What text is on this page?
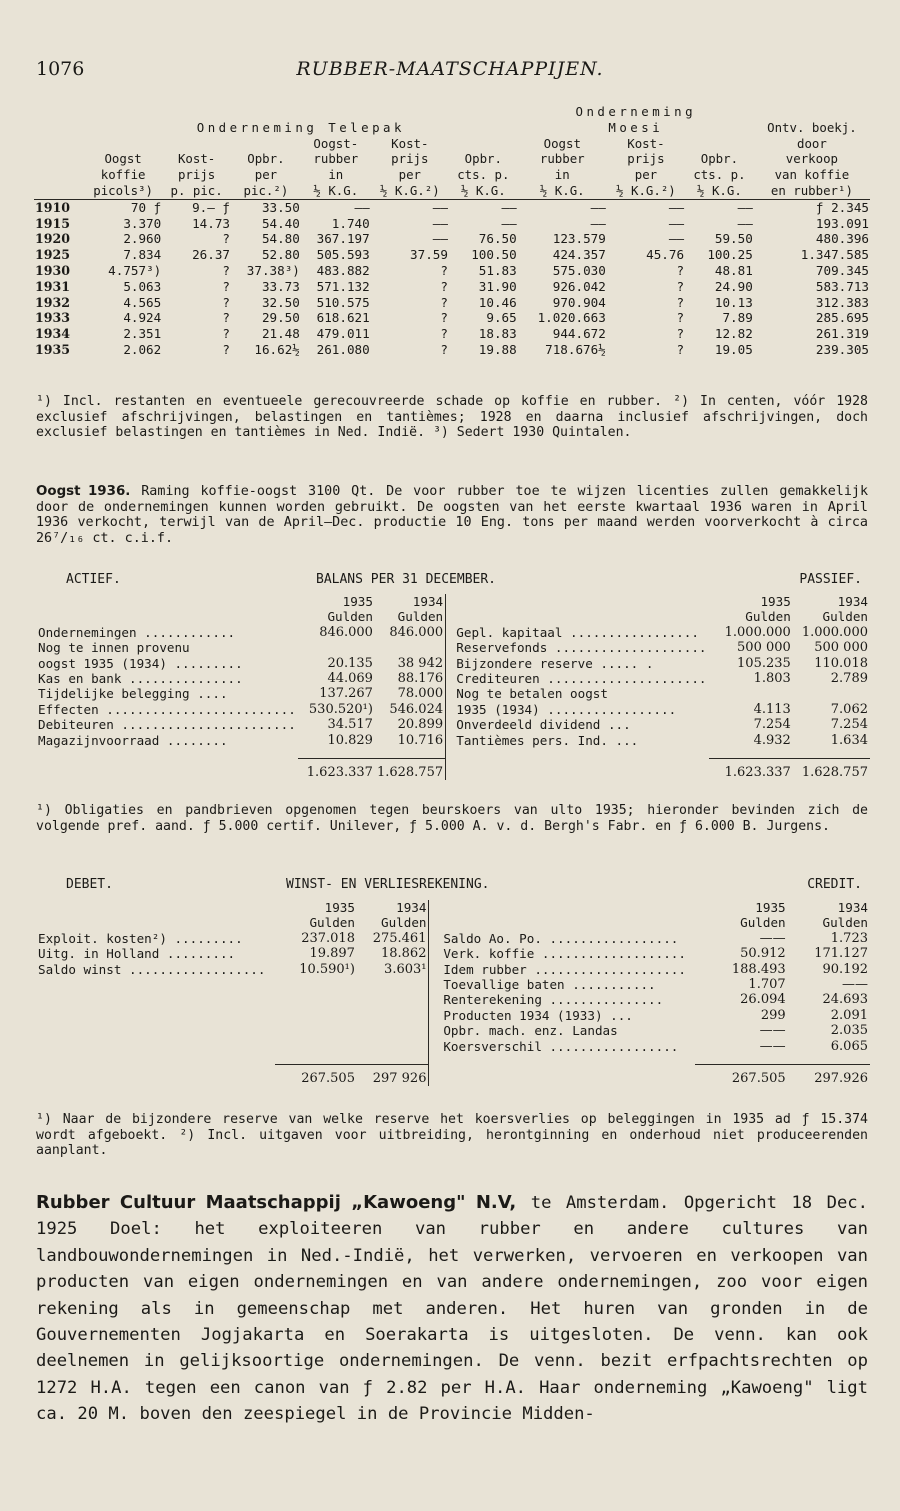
1076	RUBBER-MAATSCHAPPIJEN.
							Onderneming			
	Onderneming Telepak						Moesi			Ontv. boekj.
				Oogst-	Kost-		Oogst	Kost-		door
	Oogst	Kost-	Opbr.	rubber	prijs	Opbr.	rubber	prijs	Opbr.	verkoop
	koffie	prijs	per	in	per	cts. p.	in	per	cts. p.	van koffie
	picols³)	p. pic.	pic.²)	½ K.G.	½ K.G.²)	½ K.G.	½ K.G.	½ K.G.²)	½ K.G.	en rubber¹)
1910	70 ƒ	9.— ƒ	33.50	——	——	——	——	——	——	ƒ 2.345
1915	3.370	14.73	54.40	1.740	——	——	——	——	——	193.091
1920	2.960	?	54.80	367.197	——	76.50	123.579	——	59.50	480.396
1925	7.834	26.37	52.80	505.593	37.59	100.50	424.357	45.76	100.25	1.347.585
1930	4.757³)	?	37.38³)	483.882	?	51.83	575.030	?	48.81	709.345
1931	5.063	?	33.73	571.132	?	31.90	926.042	?	24.90	583.713
1932	4.565	?	32.50	510.575	?	10.46	970.904	?	10.13	312.383
1933	4.924	?	29.50	618.621	?	9.65	1.020.663	?	7.89	285.695
1934	2.351	?	21.48	479.011	?	18.83	944.672	?	12.82	261.319
1935	2.062	?	16.62½	261.080	?	19.88	718.676½	?	19.05	239.305

¹) Incl. restanten en eventueele gerecouvreerde schade op koffie en rubber. ²) In centen, vóór 1928 exclusief afschrijvingen, belastingen en tantièmes; 1928 en daarna inclusief afschrijvingen, doch exclusief belastingen en tantièmes in Ned. Indië. ³) Sedert 1930 Quintalen.

Oogst 1936. Raming koffie-oogst 3100 Qt. De voor rubber toe te wijzen licenties zullen gemakkelijk door de ondernemingen kunnen worden gebruikt. De oogsten van het eerste kwartaal 1936 waren in April 1936 verkocht, terwijl van de April—Dec. productie 10 Eng. tons per maand werden voorverkocht à circa 26⁷/₁₆ ct. c.i.f.

ACTIEF.	BALANS PER 31 DECEMBER.	PASSIEF.
	1935	1934			1935	1934
	Gulden	Gulden			Gulden	Gulden
Ondernemingen ............	846.000	846.000		Gepl. kapitaal .................	1.000.000	1.000.000
Nog te innen provenu				Reservefonds ....................	500 000	500 000
oogst 1935 (1934) .........	20.135	38 942		Bijzondere reserve ..... .	105.235	110.018
Kas en bank ...............	44.069	88.176		Crediteuren .....................	1.803	2.789
Tijdelijke belegging ....	137.267	78.000		Nog te betalen oogst		
Effecten .........................	530.520¹)	546.024		1935 (1934) .................	4.113	7.062
Debiteuren .......................	34.517	20.899		Onverdeeld dividend ...	7.254	7.254
Magazijnvoorraad ........	10.829	10.716		Tantièmes pers. Ind. ...	4.932	1.634

	1.623.337	1.628.757			1.623.337	1.628.757

¹) Obligaties en pandbrieven opgenomen tegen beurskoers van ulto 1935; hieronder bevinden zich de volgende pref. aand. ƒ 5.000 certif. Unilever, ƒ 5.000 A. v. d. Bergh's Fabr. en ƒ 6.000 B. Jurgens.

DEBET.	WINST- EN VERLIESREKENING.	CREDIT.
	1935	1934			1935	1934
	Gulden	Gulden			Gulden	Gulden
Exploit. kosten²) .........	237.018	275.461		Saldo Ao. Po. .................	——	1.723
Uitg. in Holland .........	19.897	18.862		Verk. koffie ...................	50.912	171.127
Saldo winst ..................	10.590¹)	3.603¹		Idem rubber ....................	188.493	90.192
				Toevallige baten ...........	1.707	——
				Renterekening ...............	26.094	24.693
				Producten 1934 (1933) ...	299	2.091
				Opbr. mach. enz. Landas	——	2.035
				Koersverschil .................	——	6.065

	267.505	297 926			267.505	297.926

¹) Naar de bijzondere reserve van welke reserve het koersverlies op beleggingen in 1935 ad ƒ 15.374 wordt afgeboekt. ²) Incl. uitgaven voor uitbreiding, herontginning en onderhoud niet produceerenden aanplant.

Rubber Cultuur Maatschappij „Kawoeng" N.V, te Amsterdam. Opgericht 18 Dec. 1925 Doel: het exploiteeren van rubber en andere cultures van landbouwondernemingen in Ned.-Indië, het verwerken, vervoeren en verkoopen van producten van eigen ondernemingen en van andere ondernemingen, zoo voor eigen rekening als in gemeenschap met anderen. Het huren van gronden in de Gouvernementen Jogjakarta en Soerakarta is uitgesloten. De venn. kan ook deelnemen in gelijksoortige ondernemingen. De venn. bezit erfpachtsrechten op 1272 H.A. tegen een canon van ƒ 2.82 per H.A. Haar onderneming „Kawoeng" ligt ca. 20 M. boven den zeespiegel in de Provincie Midden-
